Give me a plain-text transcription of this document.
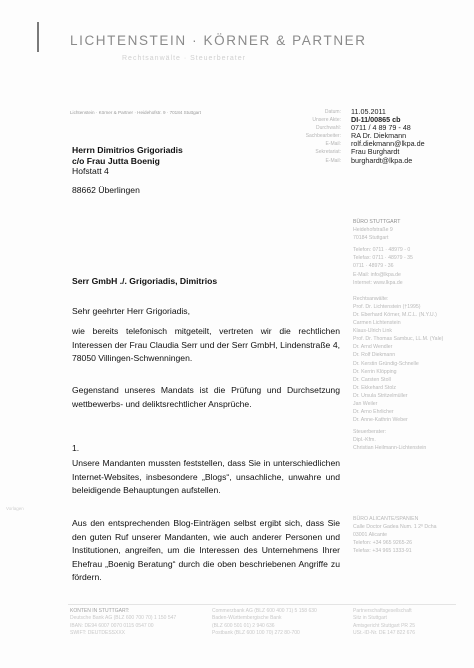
LICHTENSTEIN · KÖRNER & PARTNER
Rechtsanwälte · Steuerberater
Lichtenstein · Körner & Partner · Heidehofstr. 9 · 70184 Stuttgart	Datum:	11.05.2011
Unsere Akte:	DI-11/00865 cb
Durchwahl:	0711 / 4 89 79 - 48
Sachbearbeiter:	RA Dr. Diekmann
E-Mail:	rolf.diekmann@lkpa.de
Sekretariat:	Frau Burghardt
E-Mail:	burghardt@lkpa.de
Herrn Dimitrios Grigoriadis
c/o Frau Jutta Boenig
Hofstatt 4
88662 Überlingen
BÜRO STUTTGART
Heidehofstraße 9
70184 Stuttgart
Telefon: 0711 · 48979 - 0
Telefax: 0711 · 48979 - 35
0711 · 48979 - 36
E-Mail: info@lkpa.de
Internet: www.lkpa.de
Rechtsanwälte:
Prof. Dr. Lichtenstein (†1995)
Dr. Eberhard Körner, M.C.L. (N.Y.U.)
Carmen Lichtenstein
Klaus-Ulrich Link
Prof. Dr. Thomas Sambuc, LL.M. (Yale)
Dr. Arnd Wendler
Dr. Rolf Diekmann
Dr. Kerstin Gründig-Schnelle
Dr. Kerrin Klöpping
Dr. Carsten Stoll
Dr. Ekkehard Stolz
Dr. Ursula Stritzelmüller
Jan Weiler
Dr. Arno Ehrlicher
Dr. Anne-Kathrin Weber
Steuerberater:
Dipl.-Kfm.
Christian Heilmann-Lichtenstein
BÜRO ALICANTE/SPANIEN
Calle Doctor Gadea Num. 1 2º Dcha
03001 Alicante
Telefon: +34 965 9265-26
Telefax: +34 965 1333-91
Vorlagen
Serr GmbH ./. Grigoriadis, Dimitrios
Sehr geehrter Herr Grigoriadis,
wie bereits telefonisch mitgeteilt, vertreten wir die rechtlichen Interessen der Frau Claudia Serr und der Serr GmbH, Lindenstraße 4, 78050 Villingen-Schwenningen.
Gegenstand unseres Mandats ist die Prüfung und Durchsetzung wettbewerbs- und deliktsrechtlicher Ansprüche.
1.
Unsere Mandanten mussten feststellen, dass Sie in unterschiedlichen Internet-Websites, insbesondere „Blogs“, unsachliche, unwahre und beleidigende Behauptungen aufstellen.
Aus den entsprechenden Blog-Einträgen selbst ergibt sich, dass Sie den guten Ruf unserer Mandanten, wie auch anderer Personen und Institutionen, angreifen, um die Interessen des Unternehmens Ihrer Ehefrau „Boenig Beratung“ durch die oben beschriebenen Angriffe zu fördern.
KONTEN IN STUTTGART:
Deutsche Bank AG (BLZ 600 700 70) 1 150 547
IBAN: DE94 6007 0070 0115 0547 00
SWIFT: DEUTDESSXXX
Commerzbank AG (BLZ 600 400 71) 5 158 630
Baden-Württembergische Bank
(BLZ 600 501 01) 2 940 636
Postbank (BLZ 600 100 70) 272 80-700
Partnerschaftsgesellschaft
Sitz in Stuttgart
Amtsgericht Stuttgart PR 25
USt.-ID-Nr. DE 147 822 676
